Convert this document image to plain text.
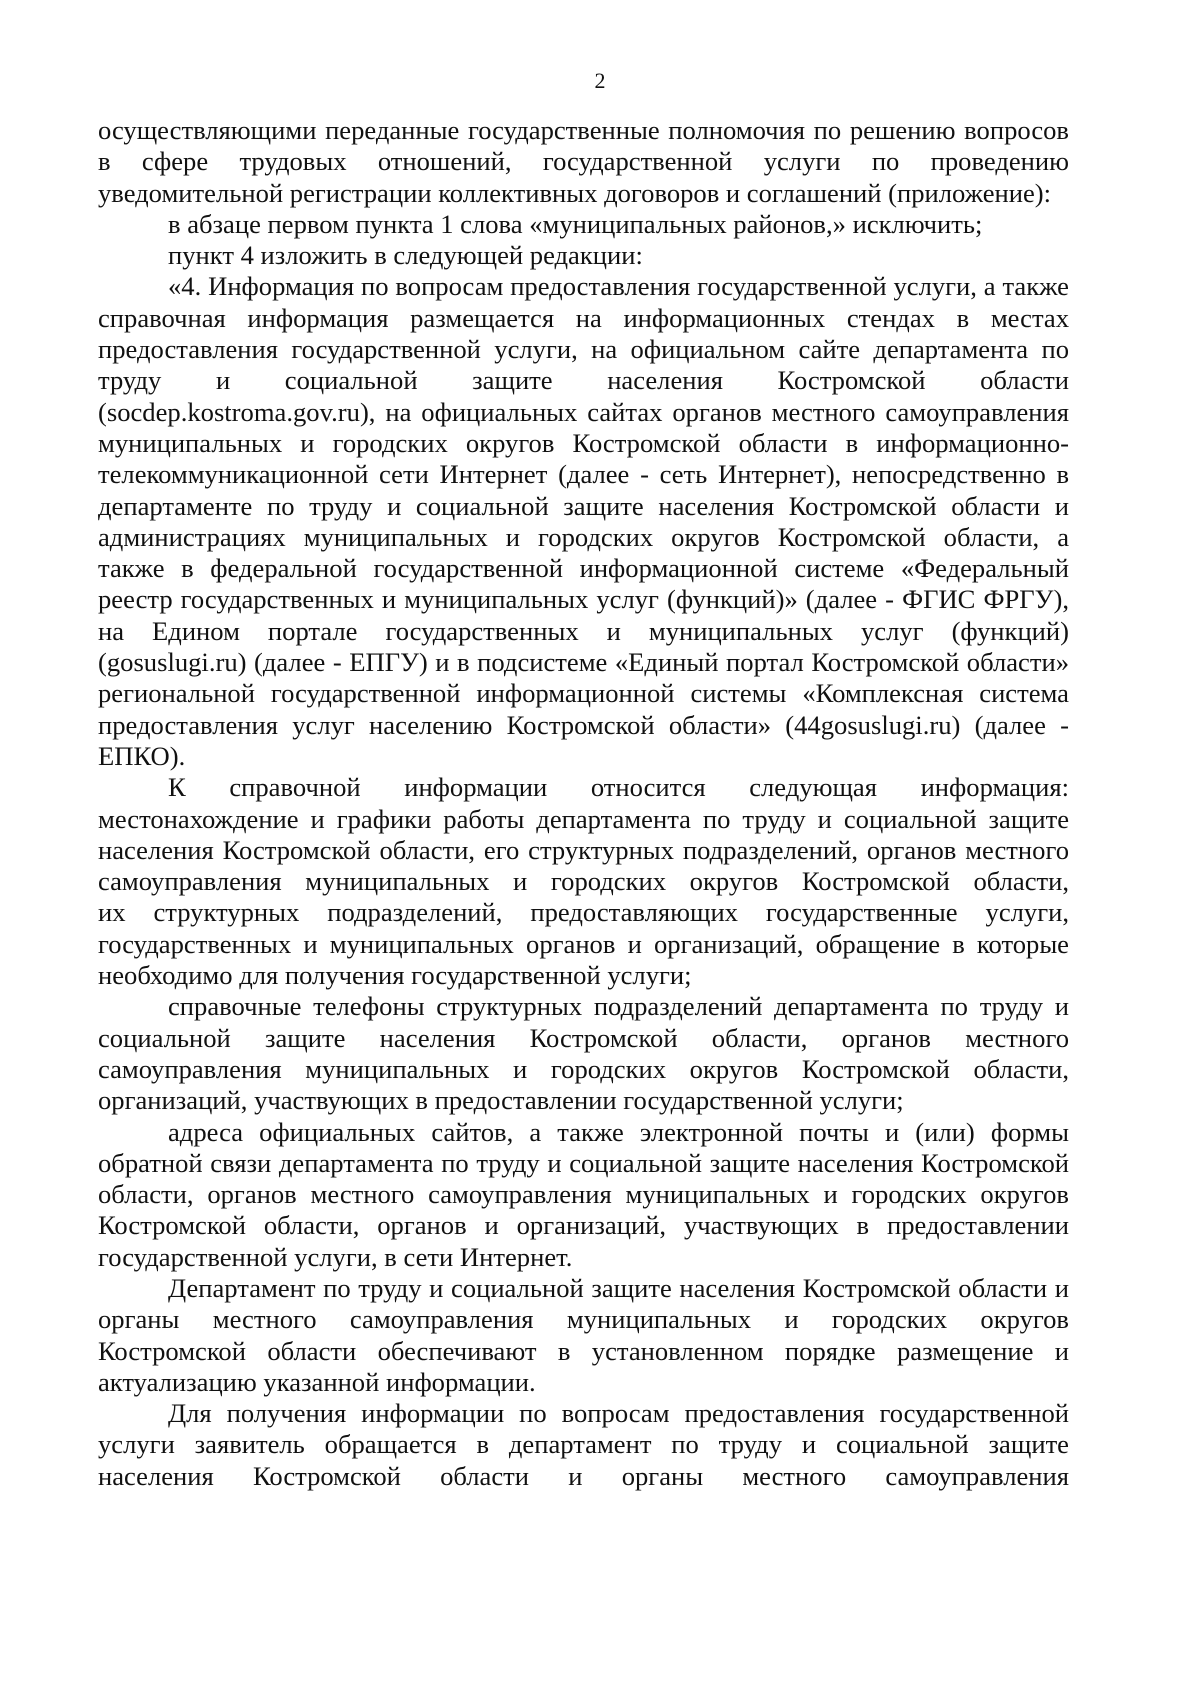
2
осуществляющими переданные государственные полномочия по решению вопросов
в сфере трудовых отношений, государственной услуги по проведению
уведомительной регистрации коллективных договоров и соглашений (приложение):
в абзаце первом пункта 1 слова «муниципальных районов,» исключить;
пункт 4 изложить в следующей редакции:
«4. Информация по вопросам предоставления государственной услуги, а также
справочная информация размещается на информационных стендах в местах
предоставления государственной услуги, на официальном сайте департамента по
труду и социальной защите населения Костромской области
(socdep.kostroma.gov.ru), на официальных сайтах органов местного самоуправления
муниципальных и городских округов Костромской области в информационно-
телекоммуникационной сети Интернет (далее - сеть Интернет), непосредственно в
департаменте по труду и социальной защите населения Костромской области и
администрациях муниципальных и городских округов Костромской области, а
также в федеральной государственной информационной системе «Федеральный
реестр государственных и муниципальных услуг (функций)» (далее - ФГИС ФРГУ),
на Едином портале государственных и муниципальных услуг (функций)
(gosuslugi.ru) (далее - ЕПГУ) и в подсистеме «Единый портал Костромской области»
региональной государственной информационной системы «Комплексная система
предоставления услуг населению Костромской области» (44gosuslugi.ru) (далее -
ЕПКО).
К справочной информации относится следующая информация:
местонахождение и графики работы департамента по труду и социальной защите
населения Костромской области, его структурных подразделений, органов местного
самоуправления муниципальных и городских округов Костромской области,
их структурных подразделений, предоставляющих государственные услуги,
государственных и муниципальных органов и организаций, обращение в которые
необходимо для получения государственной услуги;
справочные телефоны структурных подразделений департамента по труду и
социальной защите населения Костромской области, органов местного
самоуправления муниципальных и городских округов Костромской области,
организаций, участвующих в предоставлении государственной услуги;
адреса официальных сайтов, а также электронной почты и (или) формы
обратной связи департамента по труду и социальной защите населения Костромской
области, органов местного самоуправления муниципальных и городских округов
Костромской области, органов и организаций, участвующих в предоставлении
государственной услуги, в сети Интернет.
Департамент по труду и социальной защите населения Костромской области и
органы местного самоуправления муниципальных и городских округов
Костромской области обеспечивают в установленном порядке размещение и
актуализацию указанной информации.
Для получения информации по вопросам предоставления государственной
услуги заявитель обращается в департамент по труду и социальной защите
населения Костромской области и органы местного самоуправления
